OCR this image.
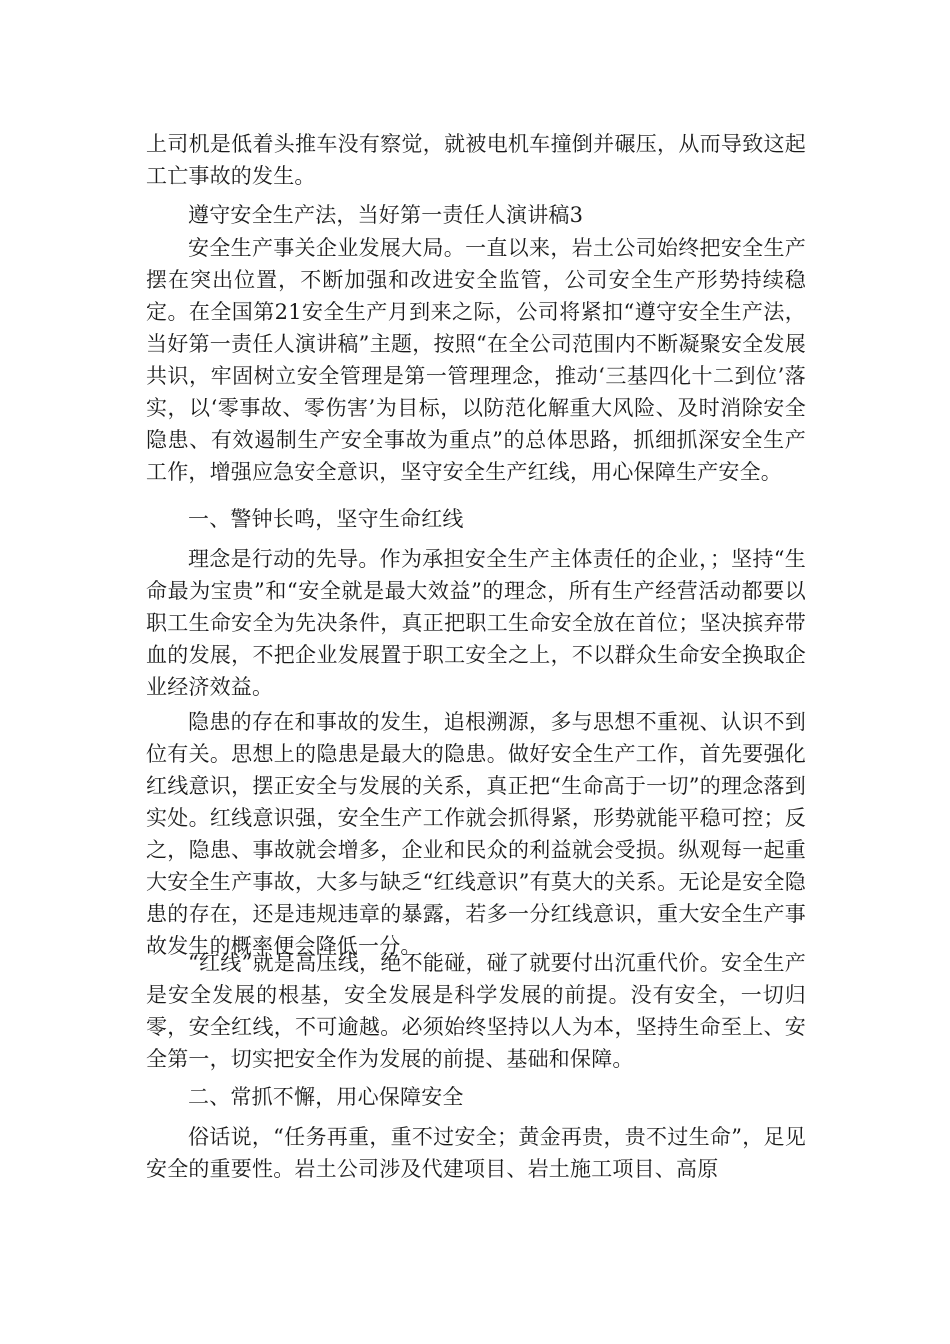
上司机是低着头推车没有察觉，就被电机车撞倒并碾压，从而导致这起工亡事故的发生。

遵守安全生产法，当好第一责任人演讲稿3

安全生产事关企业发展大局。一直以来，岩土公司始终把安全生产摆在突出位置，不断加强和改进安全监管，公司安全生产形势持续稳定。在全国第21安全生产月到来之际，公司将紧扣“遵守安全生产法，当好第一责任人演讲稿”主题，按照“在全公司范围内不断凝聚安全发展共识，牢固树立安全管理是第一管理理念，推动‘三基四化十二到位’落实，以‘零事故、零伤害’为目标，以防范化解重大风险、及时消除安全隐患、有效遏制生产安全事故为重点”的总体思路，抓细抓深安全生产工作，增强应急安全意识，坚守安全生产红线，用心保障生产安全。

一、警钟长鸣，坚守生命红线

理念是行动的先导。作为承担安全生产主体责任的企业，；坚持“生命最为宝贵”和“安全就是最大效益”的理念，所有生产经营活动都要以职工生命安全为先决条件，真正把职工生命安全放在首位；坚决摈弃带血的发展，不把企业发展置于职工安全之上，不以群众生命安全换取企业经济效益。

隐患的存在和事故的发生，追根溯源，多与思想不重视、认识不到位有关。思想上的隐患是最大的隐患。做好安全生产工作，首先要强化红线意识，摆正安全与发展的关系，真正把“生命高于一切”的理念落到实处。红线意识强，安全生产工作就会抓得紧，形势就能平稳可控；反之，隐患、事故就会增多，企业和民众的利益就会受损。纵观每一起重大安全生产事故，大多与缺乏“红线意识”有莫大的关系。无论是安全隐患的存在，还是违规违章的暴露，若多一分红线意识，重大安全生产事故发生的概率便会降低一分。

“红线”就是高压线，绝不能碰，碰了就要付出沉重代价。安全生产是安全发展的根基，安全发展是科学发展的前提。没有安全，一切归零，安全红线，不可逾越。必须始终坚持以人为本，坚持生命至上、安全第一，切实把安全作为发展的前提、基础和保障。

二、常抓不懈，用心保障安全

俗话说，“任务再重，重不过安全；黄金再贵，贵不过生命”，足见安全的重要性。岩土公司涉及代建项目、岩土施工项目、高原
